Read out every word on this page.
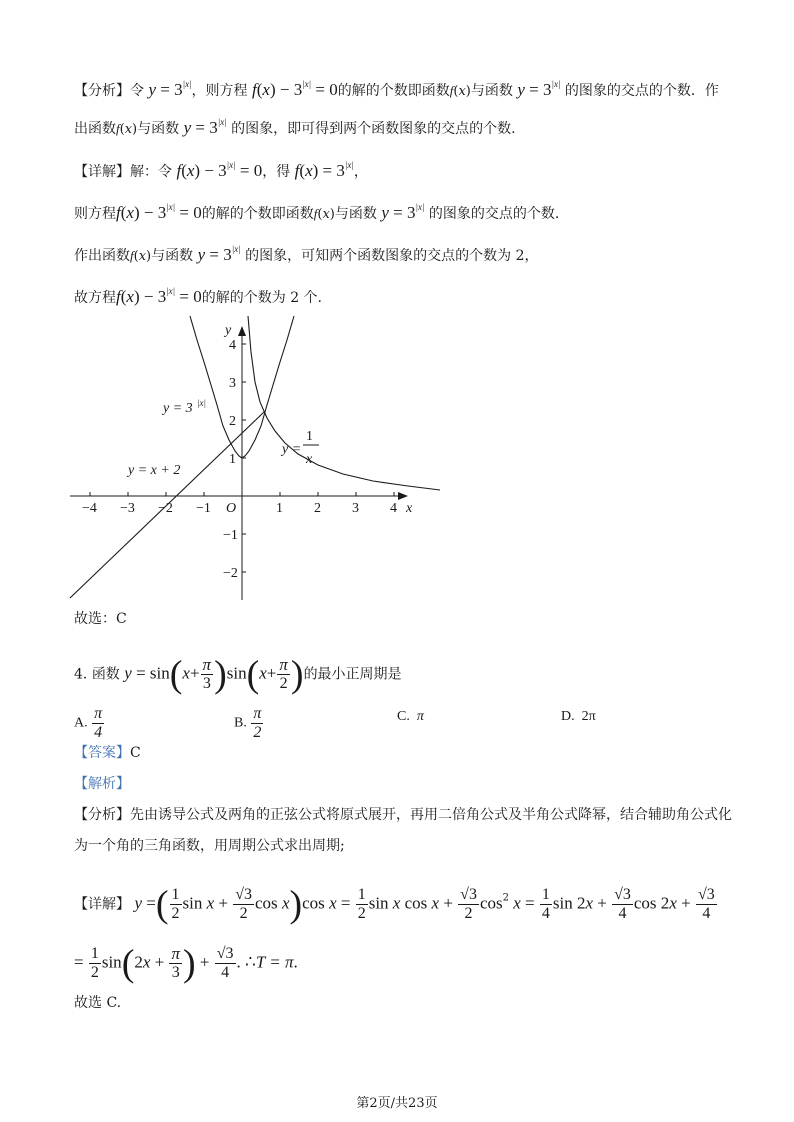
【分析】令 $y = 3^{|x|}$，则方程 $f(x) - 3^{|x|} = 0$的解的个数即函数f(x)与函数 $y = 3^{|x|}$ 的图象的交点的个数．作
出函数f(x)与函数 $y = 3^{|x|}$ 的图象，即可得到两个函数图象的交点的个数.
【详解】解：令 $f(x) - 3^{|x|} = 0$，得 $f(x) = 3^{|x|}$，
则方程$f(x) - 3^{|x|} = 0$的解的个数即函数f(x)与函数 $y = 3^{|x|}$ 的图象的交点的个数.
作出函数f(x)与函数 $y = 3^{|x|}$ 的图象，可知两个函数图象的交点的个数为 2，
故方程$f(x) - 3^{|x|} = 0$的解的个数为 2 个.
y
x
O
−4 −3 −2 −1	1 2 3 4
4
3
2
1
−1
−2
y = 3 |x|
y = x + 2
y =
1
x
故选：C
4. 函数 $y = \sin(x+ \frac{\pi}{3} )\sin(x+ \frac{\pi}{2}$ )的最小正周期是
A. $\frac{\pi}{4}$	B. $\frac{\pi}{2}$	C. π	D. 2π
【答案】C
【解析】
【分析】先由诱导公式及两角的正弦公式将原式展开，再用二倍角公式及半角公式降幂，结合辅助角公式化
为一个角的三角函数，用周期公式求出周期;
【详解】 y =( $\frac{1}{2}$ $\sin x + \frac{√3}{2}$ cos x)cos $x = \frac{1}{2}$ sin x $\cos x + \frac{√3}{2} \cos^2 x = \frac{1}{4}$ $\sin 2x + \frac{√3}{4}$ $\cos 2x + \frac{√3}{4}$
= $\frac{1}{2} \sin(2x + \frac{\pi}{3}$ ) + $\frac{√3}{4}$ . ∴T = π.
故选 C.
第2页/共23页
